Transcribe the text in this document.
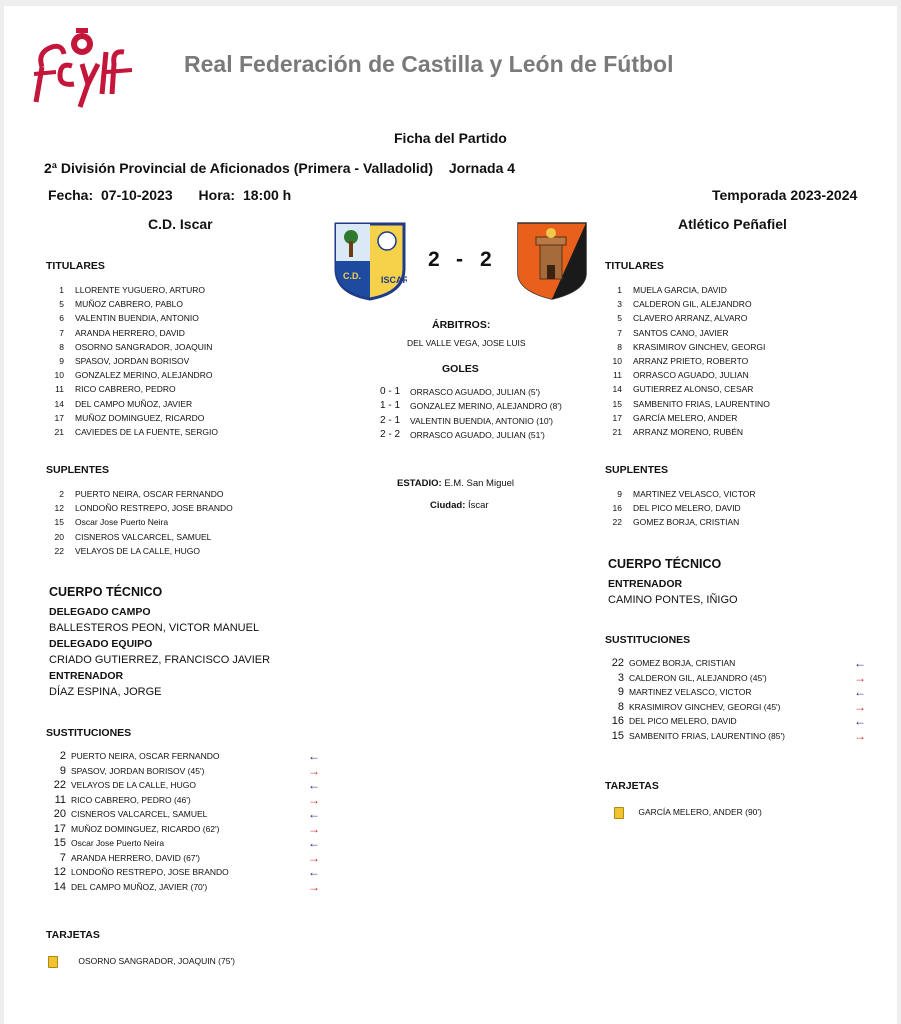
Real Federación de Castilla y León de Fútbol
Ficha del Partido
2ª División Provincial de Aficionados (Primera - Valladolid) Jornada 4
Fecha: 07-10-2023 Hora: 18:00 h	Temporada 2023-2024
C.D. Iscar	Atlético Peñafiel
C.D. ISCAR
2 - 2
TITULARES
1 LLORENTE YUGUERO, ARTURO
5 MUÑOZ CABRERO, PABLO
6 VALENTIN BUENDIA, ANTONIO
7 ARANDA HERRERO, DAVID
8 OSORNO SANGRADOR, JOAQUIN
9 SPASOV, JORDAN BORISOV
10 GONZALEZ MERINO, ALEJANDRO
11 RICO CABRERO, PEDRO
14 DEL CAMPO MUÑOZ, JAVIER
17 MUÑOZ DOMINGUEZ, RICARDO
21 CAVIEDES DE LA FUENTE, SERGIO
TITULARES
1 MUELA GARCIA, DAVID
3 CALDERON GIL, ALEJANDRO
5 CLAVERO ARRANZ, ALVARO
7 SANTOS CANO, JAVIER
8 KRASIMIROV GINCHEV, GEORGI
10 ARRANZ PRIETO, ROBERTO
11 ORRASCO AGUADO, JULIAN
14 GUTIERREZ ALONSO, CESAR
15 SAMBENITO FRIAS, LAURENTINO
17 GARCÍA MELERO, ANDER
21 ARRANZ MORENO, RUBÉN
ÁRBITROS:
DEL VALLE VEGA, JOSE LUIS
GOLES
0 - 1 ORRASCO AGUADO, JULIAN (5')
1 - 1 GONZALEZ MERINO, ALEJANDRO (8')
2 - 1 VALENTIN BUENDIA, ANTONIO (10')
2 - 2 ORRASCO AGUADO, JULIAN (51')
ESTADIO: E.M. San Miguel
Ciudad: Íscar
SUPLENTES
2 PUERTO NEIRA, OSCAR FERNANDO
12 LONDOÑO RESTREPO, JOSE BRANDO
15 Oscar Jose Puerto Neira
20 CISNEROS VALCARCEL, SAMUEL
22 VELAYOS DE LA CALLE, HUGO
SUPLENTES
9 MARTINEZ VELASCO, VICTOR
16 DEL PICO MELERO, DAVID
22 GOMEZ BORJA, CRISTIAN
CUERPO TÉCNICO
DELEGADO CAMPO
BALLESTEROS PEON, VICTOR MANUEL
DELEGADO EQUIPO
CRIADO GUTIERREZ, FRANCISCO JAVIER
ENTRENADOR
DÍAZ ESPINA, JORGE
CUERPO TÉCNICO
ENTRENADOR
CAMINO PONTES, IÑIGO
SUSTITUCIONES
2 PUERTO NEIRA, OSCAR FERNANDO	←
9 SPASOV, JORDAN BORISOV (45')	→
22 VELAYOS DE LA CALLE, HUGO	←
11 RICO CABRERO, PEDRO (46')	→
20 CISNEROS VALCARCEL, SAMUEL	←
17 MUÑOZ DOMINGUEZ, RICARDO (62')	→
15 Oscar Jose Puerto Neira	←
7 ARANDA HERRERO, DAVID (67')	→
12 LONDOÑO RESTREPO, JOSE BRANDO	←
14 DEL CAMPO MUÑOZ, JAVIER (70')	→
SUSTITUCIONES
22 GOMEZ BORJA, CRISTIAN	←
3 CALDERON GIL, ALEJANDRO (45')	→
9 MARTINEZ VELASCO, VICTOR	←
8 KRASIMIROV GINCHEV, GEORGI (45')	→
16 DEL PICO MELERO, DAVID	←
15 SAMBENITO FRIAS, LAURENTINO (85')	→
TARJETAS
GARCÍA MELERO, ANDER (90')
TARJETAS
OSORNO SANGRADOR, JOAQUIN (75')
